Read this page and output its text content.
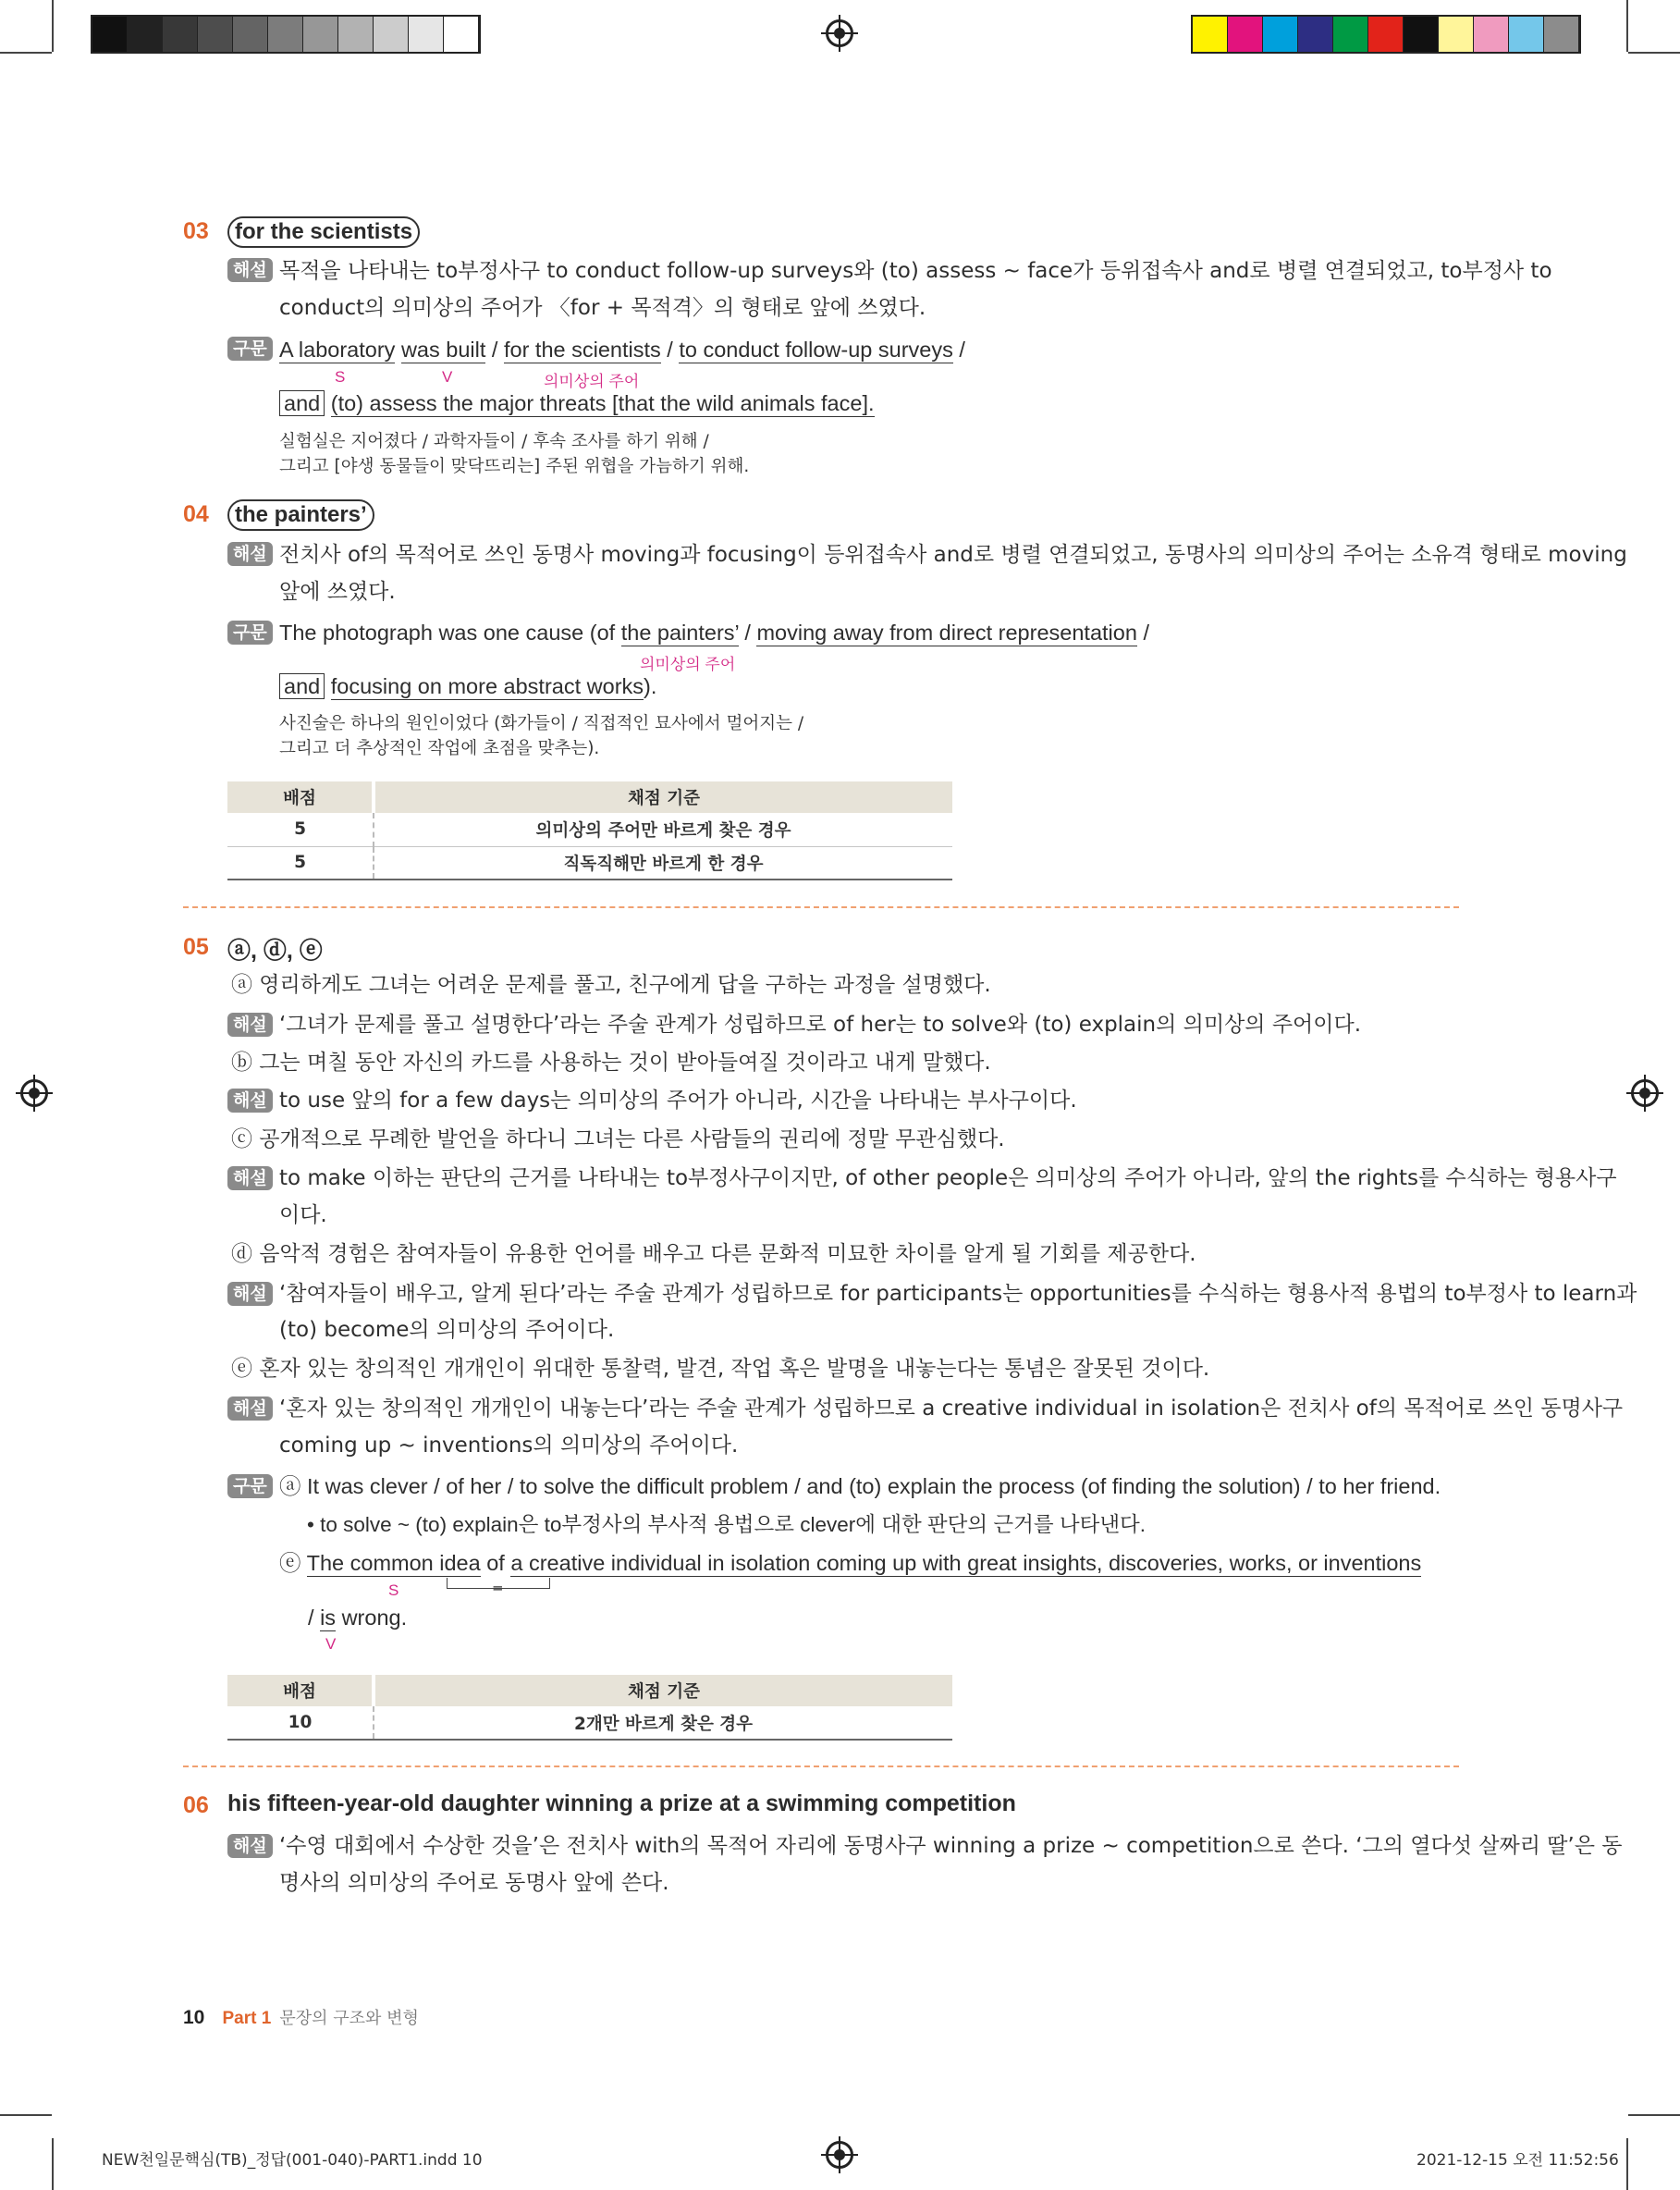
03	for the scientists
해설 목적을 나타내는 to부정사구 to conduct follow-up surveys와 (to) assess ~ face가 등위접속사 and로 병렬 연결되었고, to부정사 to
conduct의 의미상의 주어가 〈for + 목적격〉의 형태로 앞에 쓰였다.
구문 A laboratory was built / for the scientists / to conduct follow-up surveys /
S	V	의미상의 주어
and (to) assess the major threats [that the wild animals face].
실험실은 지어졌다 / 과학자들이 / 후속 조사를 하기 위해 /
그리고 [야생 동물들이 맞닥뜨리는] 주된 위협을 가늠하기 위해.
04	the painters’
해설 전치사 of의 목적어로 쓰인 동명사 moving과 focusing이 등위접속사 and로 병렬 연결되었고, 동명사의 의미상의 주어는 소유격 형태로 moving
앞에 쓰였다.
구문 The photograph was one cause (of the painters’ / moving away from direct representation /
의미상의 주어
and focusing on more abstract works).
사진술은 하나의 원인이었다 (화가들이 / 직접적인 묘사에서 멀어지는 /
그리고 더 추상적인 작업에 초점을 맞추는).
배점	채점 기준
5	의미상의 주어만 바르게 찾은 경우
5	직독직해만 바르게 한 경우
05 ⓐ, ⓓ, ⓔ
ⓐ 영리하게도 그녀는 어려운 문제를 풀고, 친구에게 답을 구하는 과정을 설명했다.
해설 ‘그녀가 문제를 풀고 설명한다’라는 주술 관계가 성립하므로 of her는 to solve와 (to) explain의 의미상의 주어이다.
ⓑ 그는 며칠 동안 자신의 카드를 사용하는 것이 받아들여질 것이라고 내게 말했다.
해설 to use 앞의 for a few days는 의미상의 주어가 아니라, 시간을 나타내는 부사구이다.
ⓒ 공개적으로 무례한 발언을 하다니 그녀는 다른 사람들의 권리에 정말 무관심했다.
해설 to make 이하는 판단의 근거를 나타내는 to부정사구이지만, of other people은 의미상의 주어가 아니라, 앞의 the rights를 수식하는 형용사구
이다.
ⓓ 음악적 경험은 참여자들이 유용한 언어를 배우고 다른 문화적 미묘한 차이를 알게 될 기회를 제공한다.
해설 ‘참여자들이 배우고, 알게 된다’라는 주술 관계가 성립하므로 for participants는 opportunities를 수식하는 형용사적 용법의 to부정사 to learn과
(to) become의 의미상의 주어이다.
ⓔ 혼자 있는 창의적인 개개인이 위대한 통찰력, 발견, 작업 혹은 발명을 내놓는다는 통념은 잘못된 것이다.
해설 ‘혼자 있는 창의적인 개개인이 내놓는다’라는 주술 관계가 성립하므로 a creative individual in isolation은 전치사 of의 목적어로 쓰인 동명사구
coming up ~ inventions의 의미상의 주어이다.
구문 ⓐ It was clever / of her / to solve the difficult problem / and (to) explain the process (of finding the solution) / to her friend.
• to solve ~ (to) explain은 to부정사의 부사적 용법으로 clever에 대한 판단의 근거를 나타낸다.
ⓔ The common idea of a creative individual in isolation coming up with great insights, discoveries, works, or inventions
S	=
/ is wrong.
V
배점	채점 기준
10	2개만 바르게 찾은 경우
06 his fifteen-year-old daughter winning a prize at a swimming competition
해설 ‘수영 대회에서 수상한 것을’은 전치사 with의 목적어 자리에 동명사구 winning a prize ~ competition으로 쓴다. ‘그의 열다섯 살짜리 딸’은 동
명사의 의미상의 주어로 동명사 앞에 쓴다.
10 Part 1 문장의 구조와 변형
NEW천일문핵심(TB)_정답(001-040)-PART1.indd 10	2021-12-15 오전 11:52:56
